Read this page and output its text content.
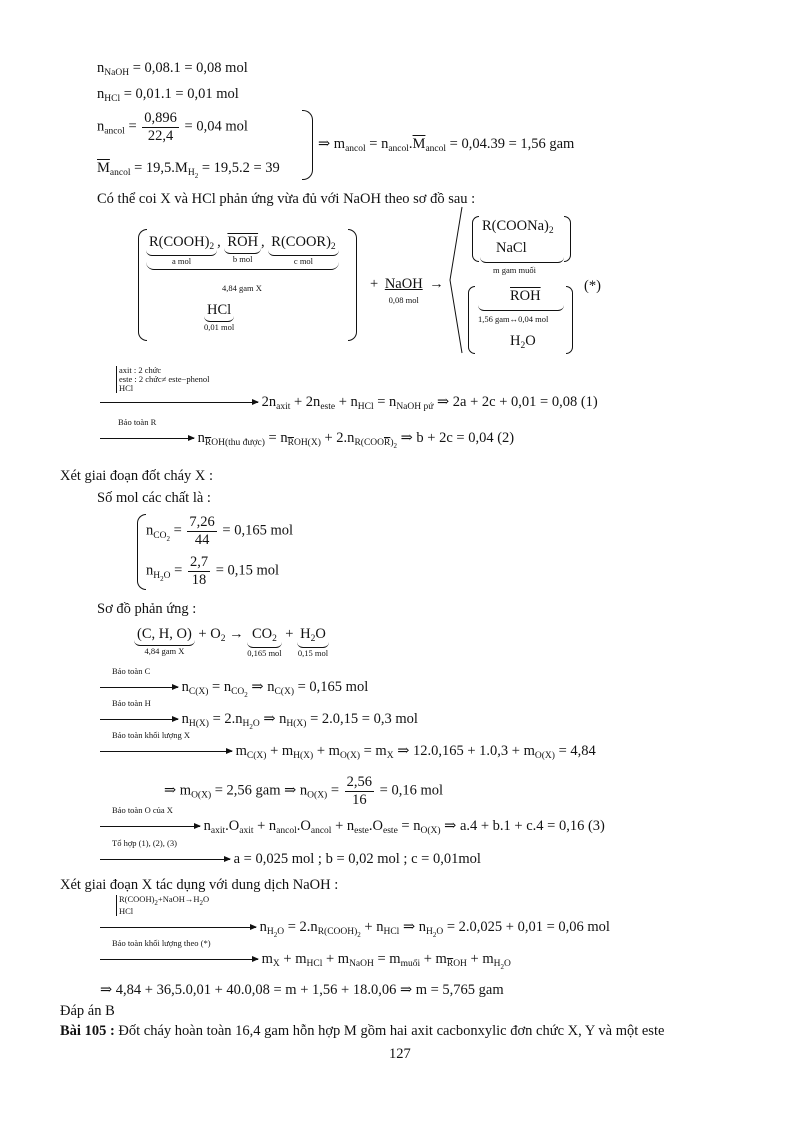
$n_{NaOH} = 0,08.1 = 0,08$ mol
$n_{HCl} = 0,01.1 = 0,01$ mol
$n_{ancol} = \frac{0,896}{22,4} = 0,04$ mol
$\overline{M}_{ancol} = 19,5.M_{H_2} = 19,5.2 = 39$
⇒ $m_{ancol} = n_{ancol}.\overline{M}_{ancol} = 0,04.39 = 1,56$ gam
Có thể coi X và HCl phản ứng vừa đủ với NaOH theo sơ đồ sau :
$R(COOH)_2$
a mol
, $\overline{ROH}$
b mol
, $R(COOR)_2$
c mol
4,84 gam X
HCl
0,01 mol
+ NaOH
0,08 mol
→
$R(COONa)_2$
NaCl
m gam muối
(*)
$\overline{ROH}$
1,56 gam↔0,04 mol
$H_2O$
axit : 2 chức
este : 2 chức≠ este−phenol
HCl
$2n_{axit} + 2n_{este} + n_{HCl} = n_{NaOH pứ}$ ⇒ 2a + 2c + 0,01 = 0,08 (1)
Bảo toàn R
$n_{\overline{R}OH(thu được)} = n_{\overline{R}OH(X)} + 2.n_{R(COO\overline{R})_2}$ ⇒ b + 2c = 0,04 (2)
Xét giai đoạn đốt cháy X :
Số mol các chất là :
$n_{CO_2} = \frac{7,26}{44} = 0,165$ mol
$n_{H_2O} = \frac{2,7}{18} = 0,15$ mol
Sơ đồ phản ứng :
(C, H, O)
4,84 gam X
+ $O_2 \to CO_2$
0,165 mol
+ $H_2O$
0,15 mol
Bảo toàn C
$n_{C(X)} = n_{CO_2}$ ⇒ $n_{C(X)} = 0,165$ mol
Bảo toàn H
$n_{H(X)} = 2.n_{H_2O}$ ⇒ $n_{H(X)} = 2.0,15 = 0,3$ mol
Bảo toàn khối lượng X
$m_{C(X)} + m_{H(X)} + m_{O(X)} = m_X$ ⇒ $12.0,165 + 1.0,3 + m_{O(X)} = 4,84$
⇒ $m_{O(X)} = 2,56$ gam ⇒ $n_{O(X)} = \frac{2,56}{16} = 0,16$ mol
Bảo toàn O của X
$n_{axit}.O_{axit} + n_{ancol}.O_{ancol} + n_{este}.O_{este} = n_{O(X)}$ ⇒ a.4 + b.1 + c.4 = 0,16 (3)
Tổ hợp (1), (2), (3)
a = 0,025 mol ; b = 0,02 mol ; c = 0,01mol
Xét giai đoạn X tác dụng với dung dịch NaOH :
$R(COOH)_2+NaOH\to H_2O$
HCl
$n_{H_2O} = 2.n_{R(COOH)_2} + n_{HCl}$ ⇒ $n_{H_2O} = 2.0,025 + 0,01 = 0,06$ mol
Bảo toàn khối lượng theo (*)
$m_X + m_{HCl} + m_{NaOH} = m_{muối} + m_{\overline{R}OH} + m_{H_2O}$
⇒ 4,84 + 36,5.0,01 + 40.0,08 = m + 1,56 + 18.0,06 ⇒ m = 5,765 gam
Đáp án B
Bài 105 : Đốt cháy hoàn toàn 16,4 gam hỗn hợp M gồm hai axit cacbonxylic đơn chức X, Y và một este
127
